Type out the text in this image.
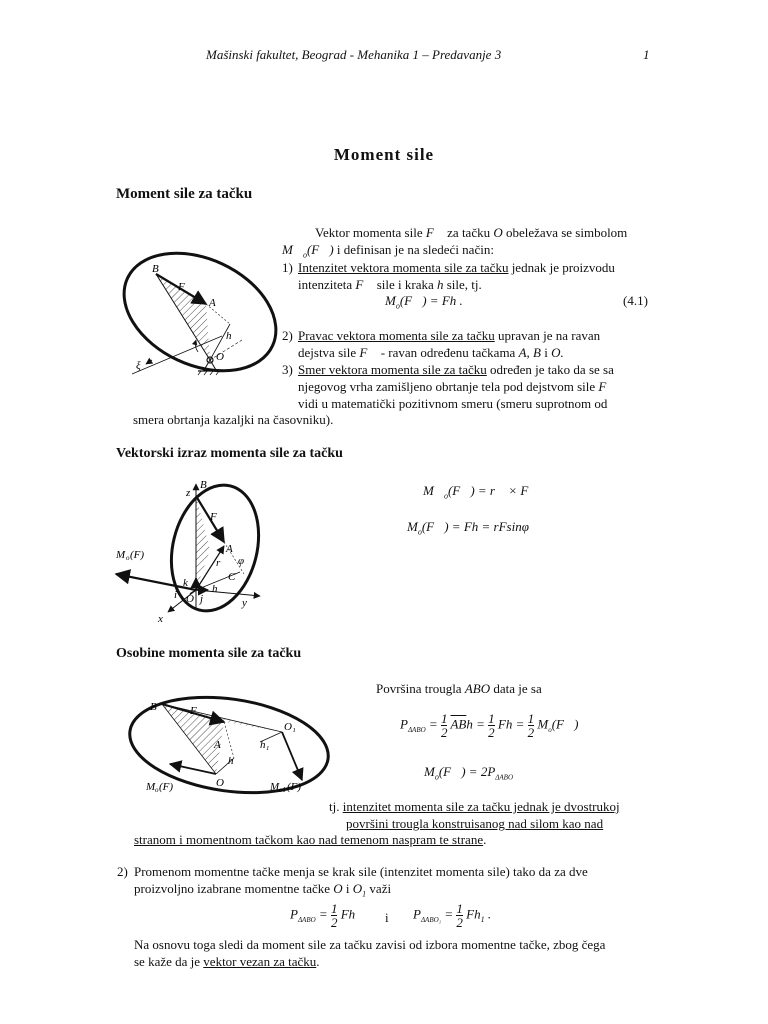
Mašinski fakultet, Beograd - Mehanika 1 – Predavanje 3	1
Moment sile
Moment sile za tačku
B
F
A
h
O
ξ
Vektor momenta sile F⃗ za tačku O obeležava se simbolom
$M⃗_o(F⃗)$ i definisan je na sledeći način:
1) Intenzitet vektora momenta sile za tačku jednak je proizvodu
intenziteta F⃗ sile i kraka h sile, tj.
$M_o(F⃗) = Fh$ .	(4.1)
2) Pravac vektora momenta sile za tačku upravan je na ravan
dejstva sile F⃗ - ravan određenu tačkama A, B i O.
3) Smer vektora momenta sile za tačku određen je tako da se sa
njegovog vrha zamišljeno obrtanje tela pod dejstvom sile F⃗
vidi u matematički pozitivnom smeru (smeru suprotnom od
smera obrtanja kazaljki na časovniku).
Vektorski izraz momenta sile za tačku
B
z
F
A
r
C
h
k
O j
i
y
x
M o (F)	φ
$M⃗_o(F⃗)$ = r⃗ × F⃗
$M_o(F⃗) = Fh = rFsin\varphi$
Osobine momenta sile za tačku
B	F
A
h
h₁
O₁
O
M o (F)	M o1 (F)
Površina trougla ABO data je sa
$P_{\Delta ABO} = \frac{1}{2} \overline{AB}h = \frac{1}{2}$ $Fh = \frac{1}{2}$ $M_o(F⃗)$
$M_o(F⃗) = 2P_{\Delta ABO}$
tj. intenzitet momenta sile za tačku jednak je dvostrukoj
površini trougla konstruisanog nad silom kao nad
stranom i momentnom tačkom kao nad temenom naspram te strane.
2) Promenom momentne tačke menja se krak sile (intenzitet momenta sile) tako da za dve
proizvoljno izabrane momentne tačke O i $O_1$ važi
$P_{\Delta ABO} = \frac{1}{2}$ Fh i $P_{\Delta ABO_1} = \frac{1}{2} Fh_1$ .
Na osnovu toga sledi da moment sile za tačku zavisi od izbora momentne tačke, zbog čega
se kaže da je vektor vezan za tačku.
